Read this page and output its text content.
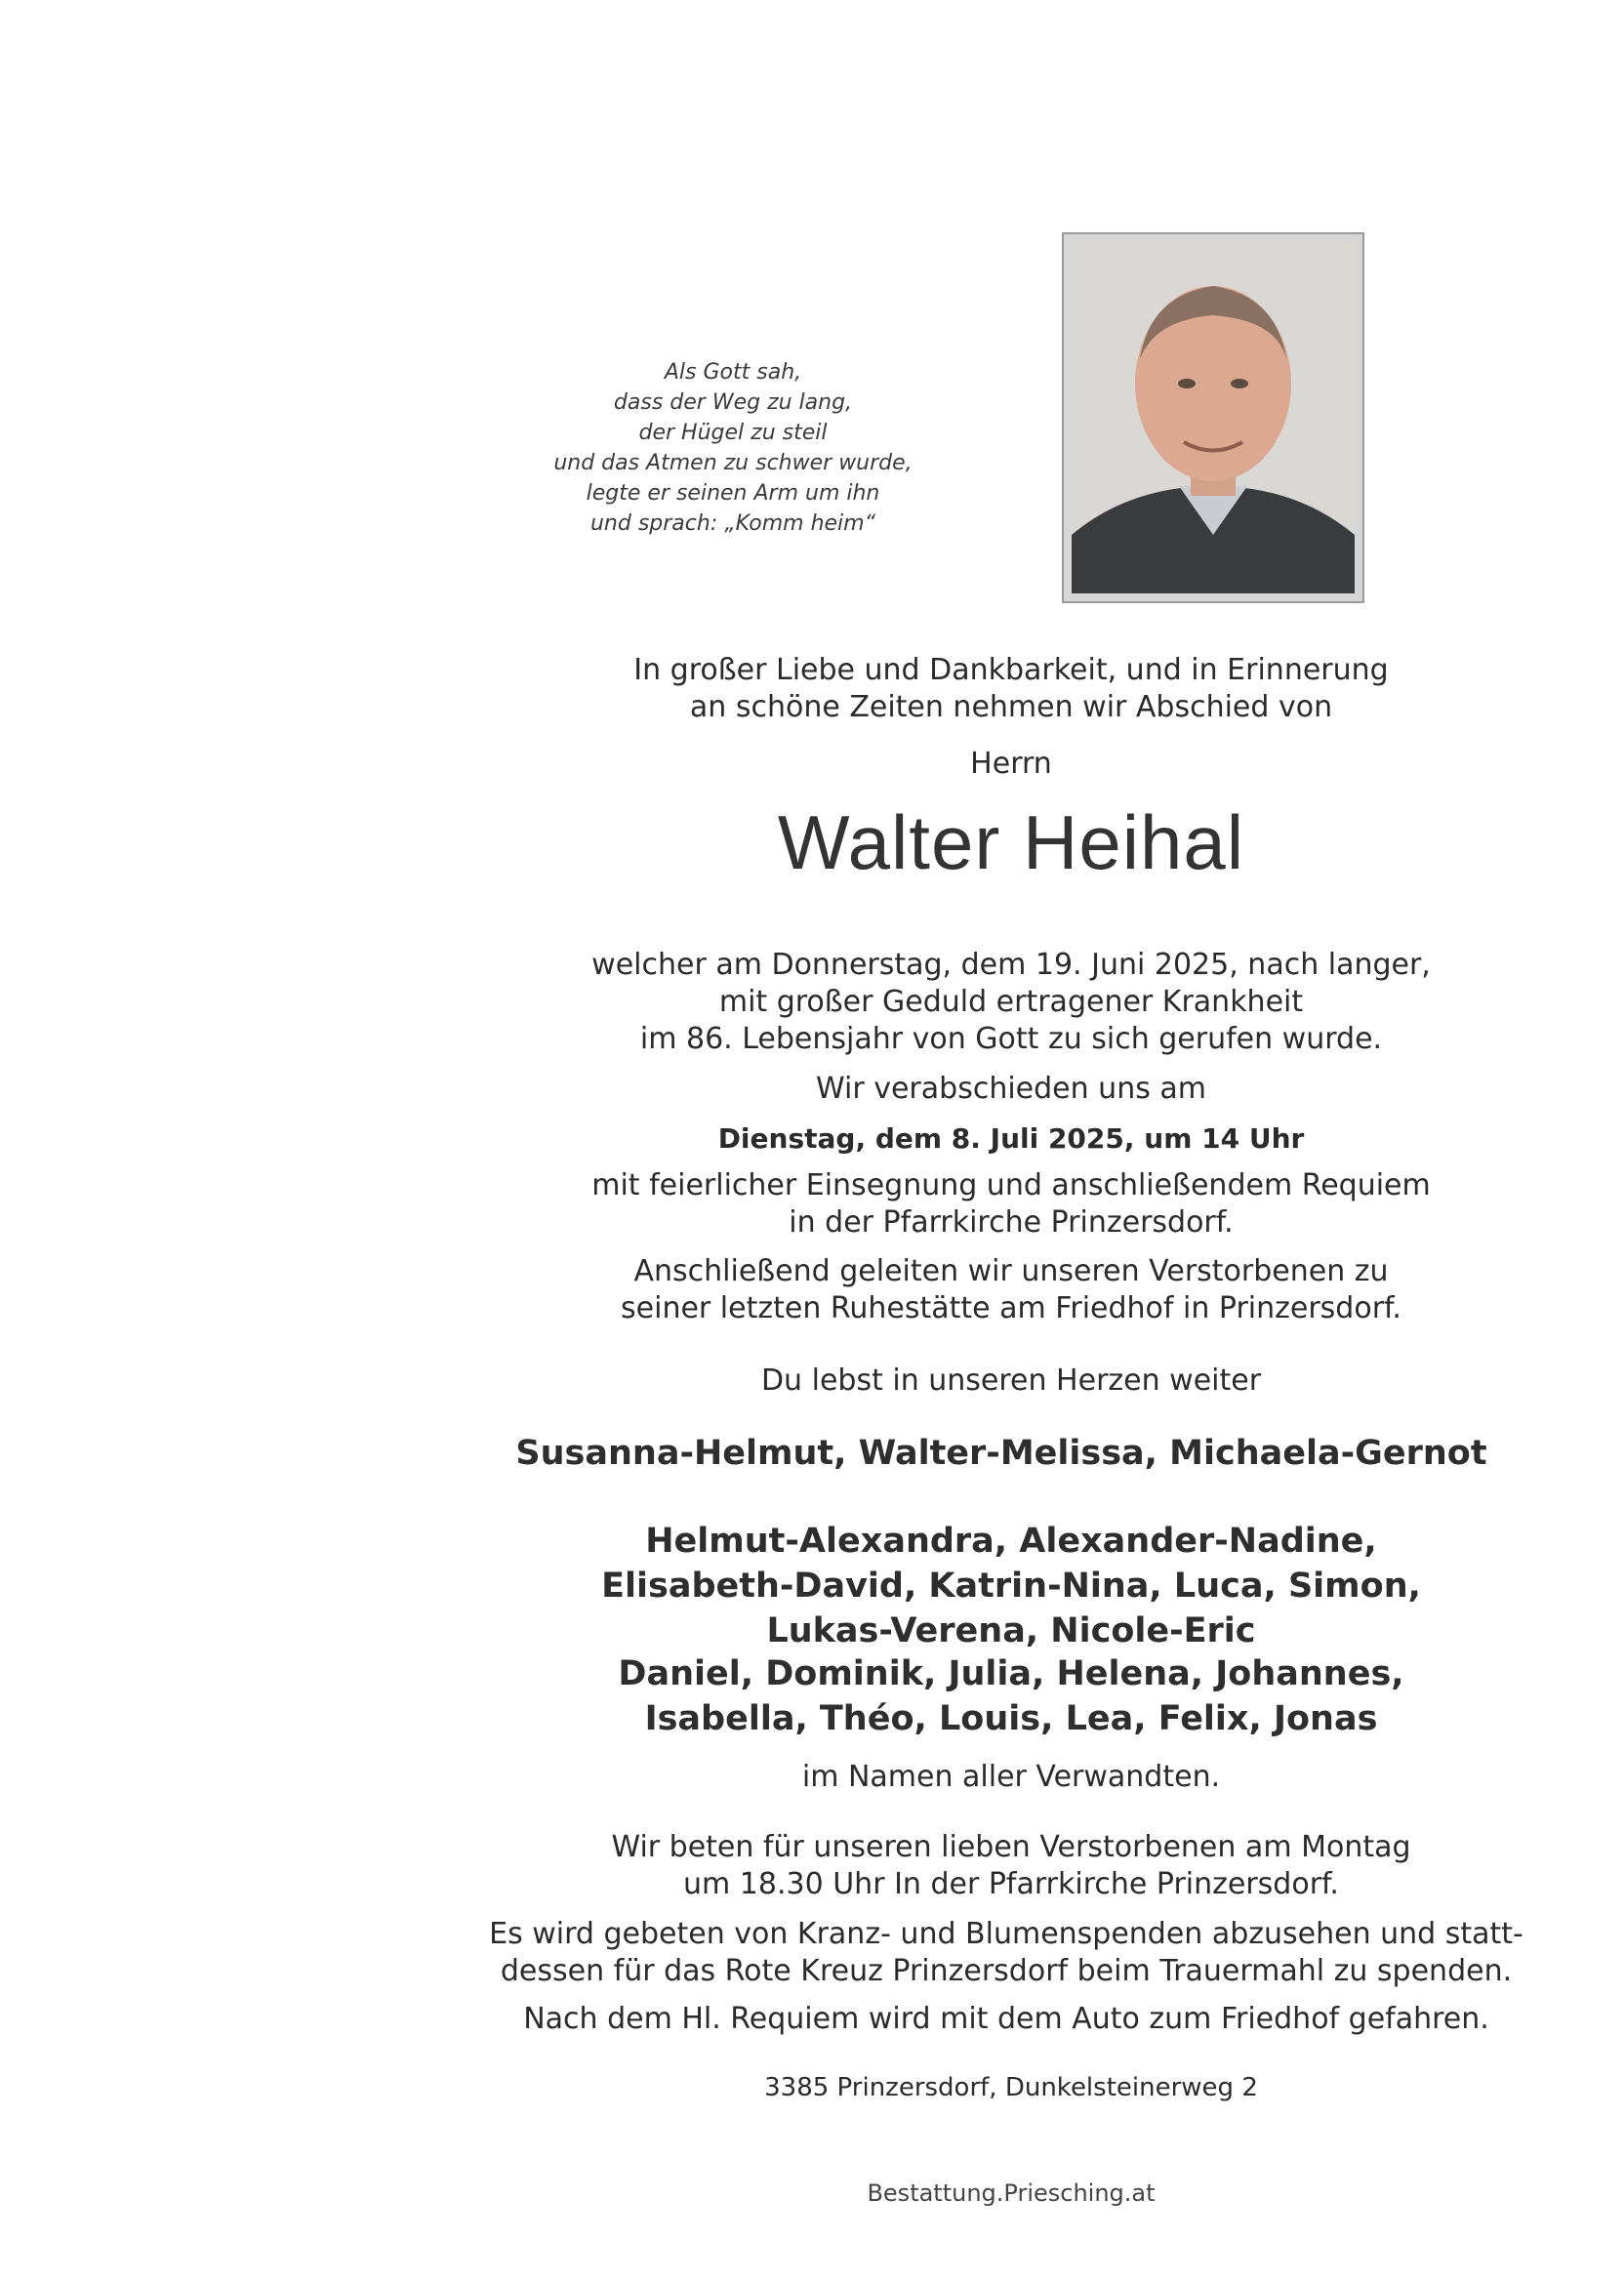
Als Gott sah,
dass der Weg zu lang,
der Hügel zu steil
und das Atmen zu schwer wurde,
legte er seinen Arm um ihn
und sprach: „Komm heim“
In großer Liebe und Dankbarkeit, und in Erinnerung
an schöne Zeiten nehmen wir Abschied von
Herrn
Walter Heihal
welcher am Donnerstag, dem 19. Juni 2025, nach langer,
mit großer Geduld ertragener Krankheit
im 86. Lebensjahr von Gott zu sich gerufen wurde.
Wir verabschieden uns am
Dienstag, dem 8. Juli 2025, um 14 Uhr
mit feierlicher Einsegnung und anschließendem Requiem
in der Pfarrkirche Prinzersdorf.
Anschließend geleiten wir unseren Verstorbenen zu
seiner letzten Ruhestätte am Friedhof in Prinzersdorf.
Du lebst in unseren Herzen weiter
Susanna-Helmut, Walter-Melissa, Michaela-Gernot
Helmut-Alexandra, Alexander-Nadine,
Elisabeth-David, Katrin-Nina, Luca, Simon,
Lukas-Verena, Nicole-Eric
Daniel, Dominik, Julia, Helena, Johannes,
Isabella, Théo, Louis, Lea, Felix, Jonas
im Namen aller Verwandten.
Wir beten für unseren lieben Verstorbenen am Montag
um 18.30 Uhr In der Pfarrkirche Prinzersdorf.
Es wird gebeten von Kranz- und Blumenspenden abzusehen und statt-
dessen für das Rote Kreuz Prinzersdorf beim Trauermahl zu spenden.
Nach dem Hl. Requiem wird mit dem Auto zum Friedhof gefahren.
3385 Prinzersdorf, Dunkelsteinerweg 2
Bestattung.Priesching.at
